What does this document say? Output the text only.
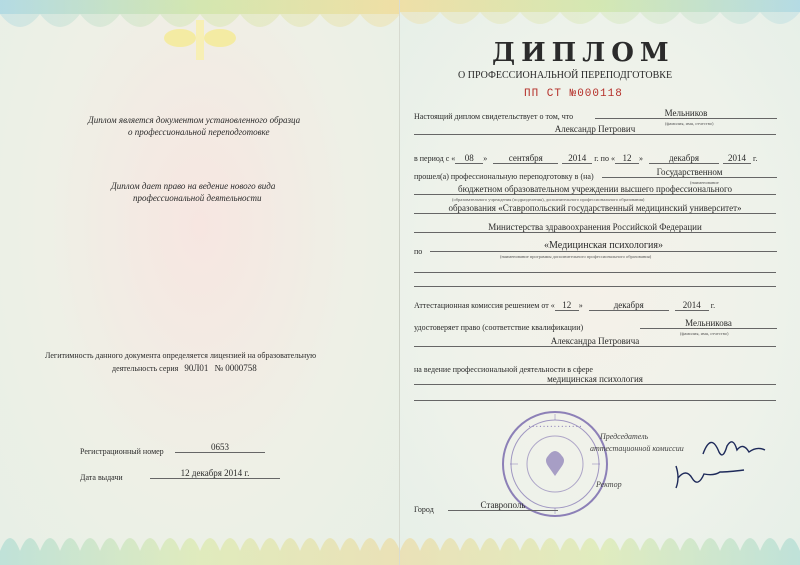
Диплом является документом установленного образца
о профессиональной переподготовке
Диплом дает право на ведение нового вида
профессиональной деятельности
Легитимность данного документа определяется лицензией на образовательную
деятельность серия 90Л01 № 0000758
Регистрационный номер	0653
Дата выдачи	12 декабря 2014 г.
ДИПЛОМ
О ПРОФЕССИОНАЛЬНОЙ ПЕРЕПОДГОТОВКЕ
ПП СТ №000118
Настоящий диплом свидетельствует о том, что	Мельников
(фамилия, имя, отчество)
Александр Петрович
в период с « 08 » сентября	2014 г. по « 12 »	декабря	2014 г.
прошел(а) профессиональную переподготовку в (на)	Государственном
(наименование
бюджетном образовательном учреждении высшего профессионального
(образовательного учреждения (подразделения), дополнительного профессионального образования)
образования «Ставропольский государственный медицинский университет»
Министерства здравоохранения Российской Федерации
по
«Медицинская психология»
(наименование программы дополнительного профессионального образования)
Аттестационная комиссия решением от « 12 »	декабря	2014 г.
удостоверяет право (соответствие квалификации)	Мельникова
(фамилия, имя, отчество)
Александра Петровича
на ведение профессиональной деятельности в сфере
медицинская психология
• • • • • • • • • • • • • • •
Председатель
аттестационной комиссии
Ректор
Город	Ставрополь
